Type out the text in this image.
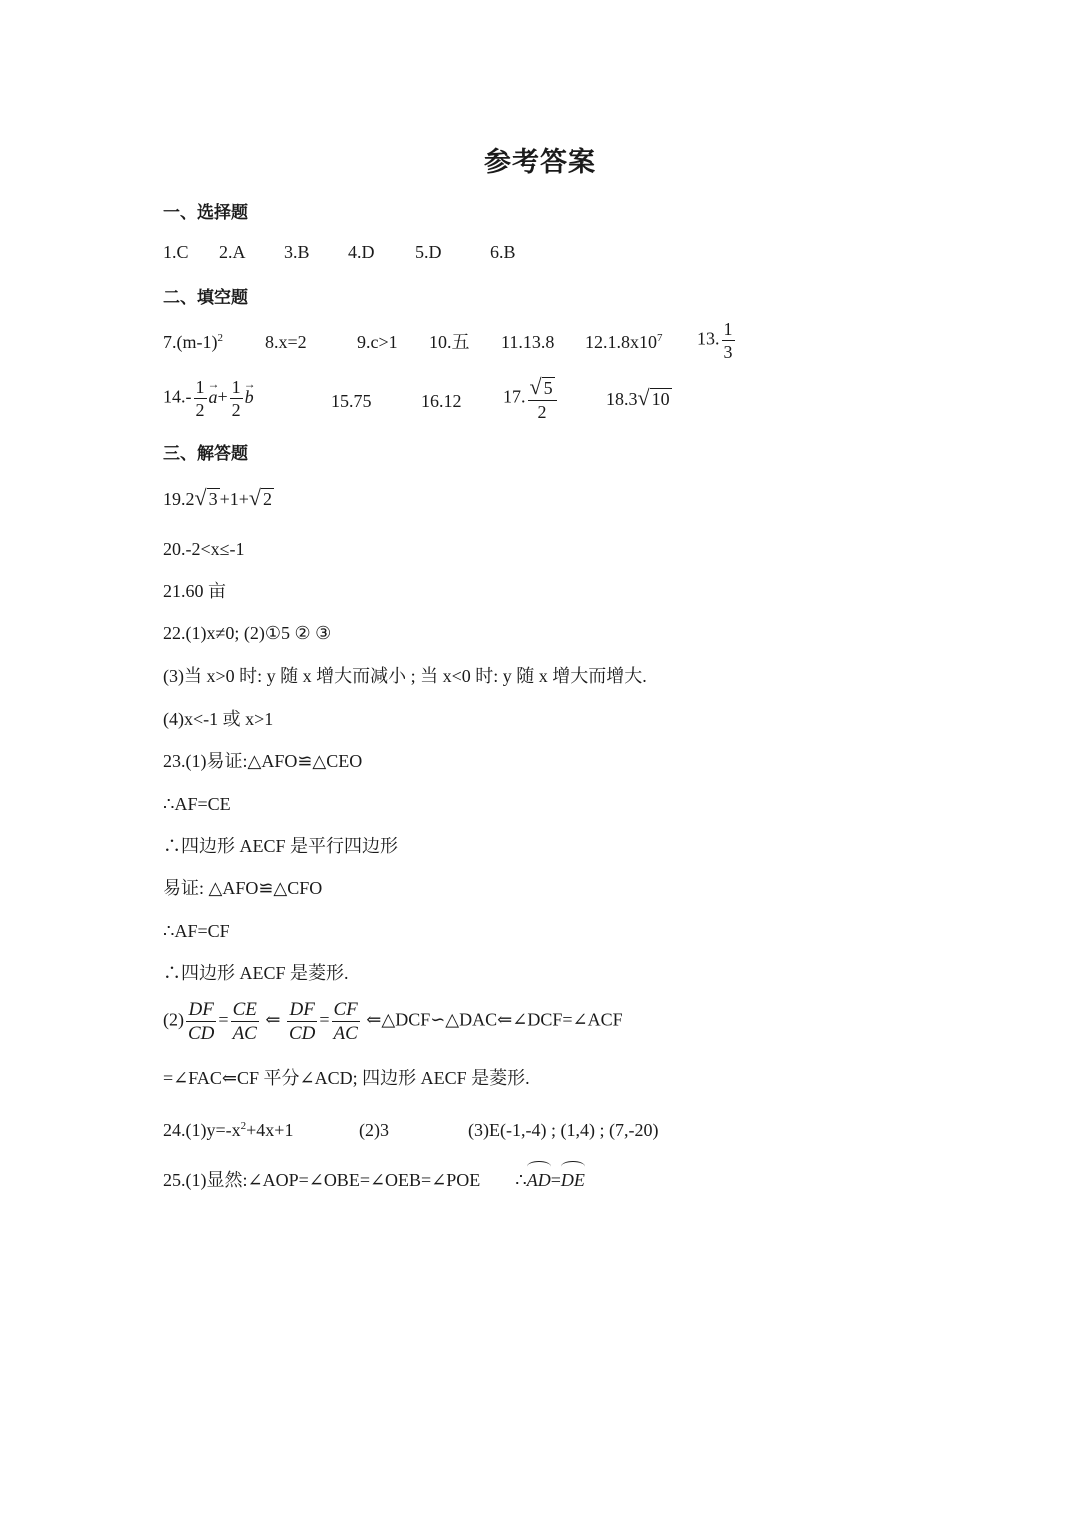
参考答案
一、选择题
1.C 2.A 3.B 4.D 5.D	6.B
二、填空题
$7.(m-1)^2$ 8.x=2	9.c>1 10.五 11.13.8 $12.1.8x10^7$ 13. $\frac{1}{3}$
$14.- \frac{1}{2}$
→ $a+ \frac{1}{2}$
→ b	15.75	16.12 17. $\frac{√ 5}{2}$	18.3√ 10
三、解答题
19.2√ 3 +1+√ 2
20.-2<x≤-1
21.60 亩
22.(1)x≠0; (2)①5 ② ③
(3)当 x>0 时: y 随 x 增大而减小 ; 当 x<0 时: y 随 x 增大而增大.
(4)x<-1 或 x>1
23.(1)易证:△AFO≌△CEO
∴AF=CE
∴四边形 AECF 是平行四边形
易证: △AFO≌△CFO
∴AF=CF
∴四边形 AECF 是菱形.
$(2) \frac{DF}{CD} = \frac{CE}{AC}$ ⇐ $\frac{DF}{CD} = \frac{CF}{AC}$ ⇐△DCF∽△DAC⇐∠DCF=∠ACF
=∠FAC⇐CF 平分∠ACD; 四边形 AECF 是菱形.
$24.(1)y=-x^2+4x+1$	(2)3	(3)E(-1,-4) ; (1,4) ; (7,-20)
25.(1)显然:∠AOP=∠OBE=∠OEB=∠POE ∴AD=DE
